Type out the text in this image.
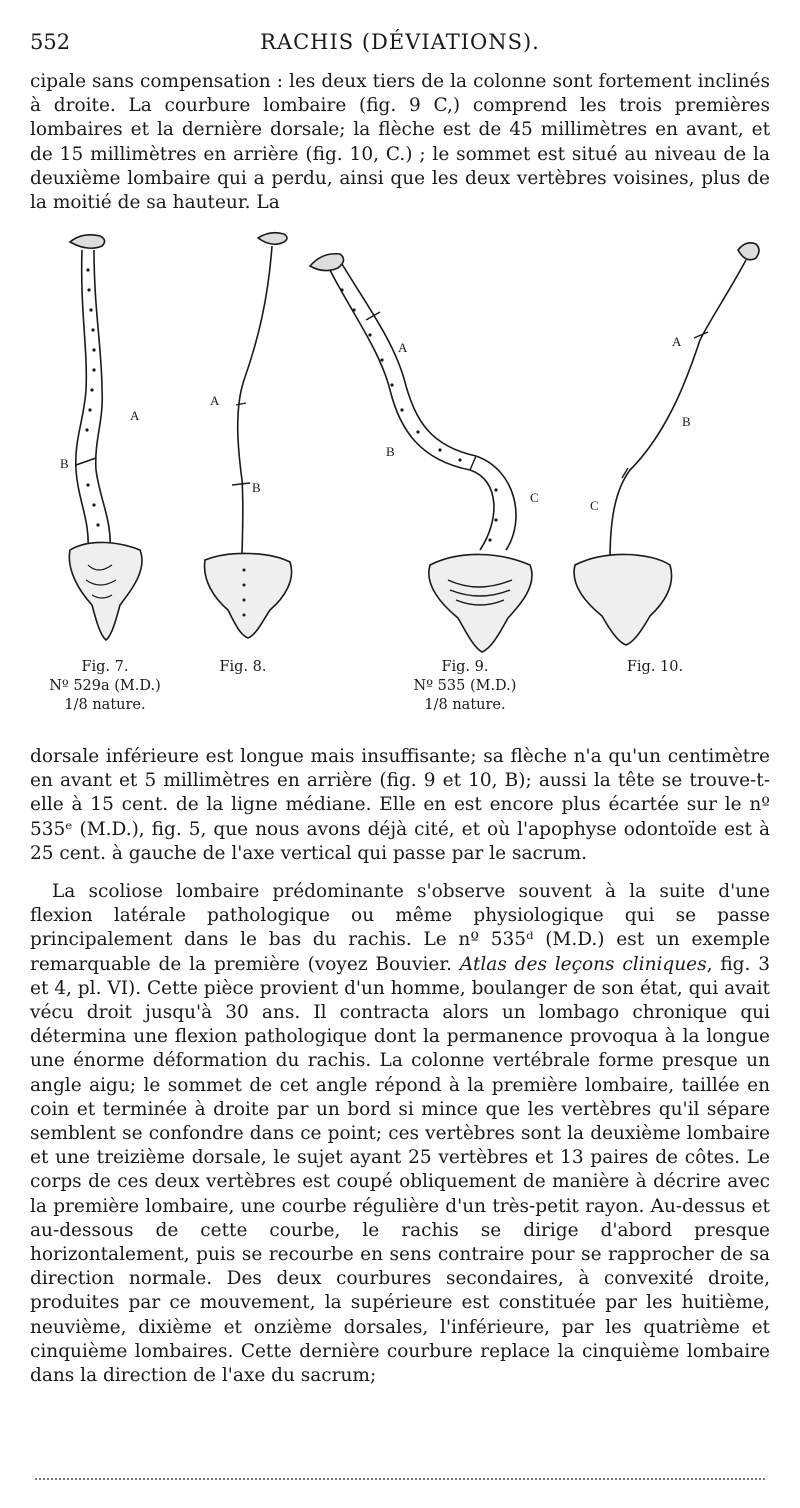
552	RACHIS (DÉVIATIONS).

cipale sans compensation : les deux tiers de la colonne sont fortement inclinés à droite. La courbure lombaire (fig. 9 C,) comprend les trois premières lombaires et la dernière dorsale; la flèche est de 45 millimètres en avant, et de 15 millimètres en arrière (fig. 10, C.) ; le sommet est situé au niveau de la deuxième lombaire qui a perdu, ainsi que les deux vertèbres voisines, plus de la moitié de sa hauteur. La

A
B
A
B
A
B
C
A
B
C
Fig. 7.
Nº 529a (M.D.)
1/8 nature.
Fig. 8.	Fig. 9.
Nº 535 (M.D.)
1/8 nature.
Fig. 10.

dorsale inférieure est longue mais insuffisante; sa flèche n'a qu'un centimètre en avant et 5 millimètres en arrière (fig. 9 et 10, B); aussi la tête se trouve-t-elle à 15 cent. de la ligne médiane. Elle en est encore plus écartée sur le nº 535ᵉ (M.D.), fig. 5, que nous avons déjà cité, et où l'apophyse odontoïde est à 25 cent. à gauche de l'axe vertical qui passe par le sacrum.

La scoliose lombaire prédominante s'observe souvent à la suite d'une flexion latérale pathologique ou même physiologique qui se passe principalement dans le bas du rachis. Le nº 535ᵈ (M.D.) est un exemple remarquable de la première (voyez Bouvier. Atlas des leçons cliniques, fig. 3 et 4, pl. VI). Cette pièce provient d'un homme, boulanger de son état, qui avait vécu droit jusqu'à 30 ans. Il contracta alors un lombago chronique qui détermina une flexion pathologique dont la permanence provoqua à la longue une énorme déformation du rachis. La colonne vertébrale forme presque un angle aigu; le sommet de cet angle répond à la première lombaire, taillée en coin et terminée à droite par un bord si mince que les vertèbres qu'il sépare semblent se confondre dans ce point; ces vertèbres sont la deuxième lombaire et une treizième dorsale, le sujet ayant 25 vertèbres et 13 paires de côtes. Le corps de ces deux vertèbres est coupé obliquement de manière à décrire avec la première lombaire, une courbe régulière d'un très-petit rayon. Au-dessus et au-dessous de cette courbe, le rachis se dirige d'abord presque horizontalement, puis se recourbe en sens contraire pour se rapprocher de sa direction normale. Des deux courbures secondaires, à convexité droite, produites par ce mouvement, la supérieure est constituée par les huitième, neuvième, dixième et onzième dorsales, l'inférieure, par les quatrième et cinquième lombaires. Cette dernière courbure replace la cinquième lombaire dans la direction de l'axe du sacrum;
